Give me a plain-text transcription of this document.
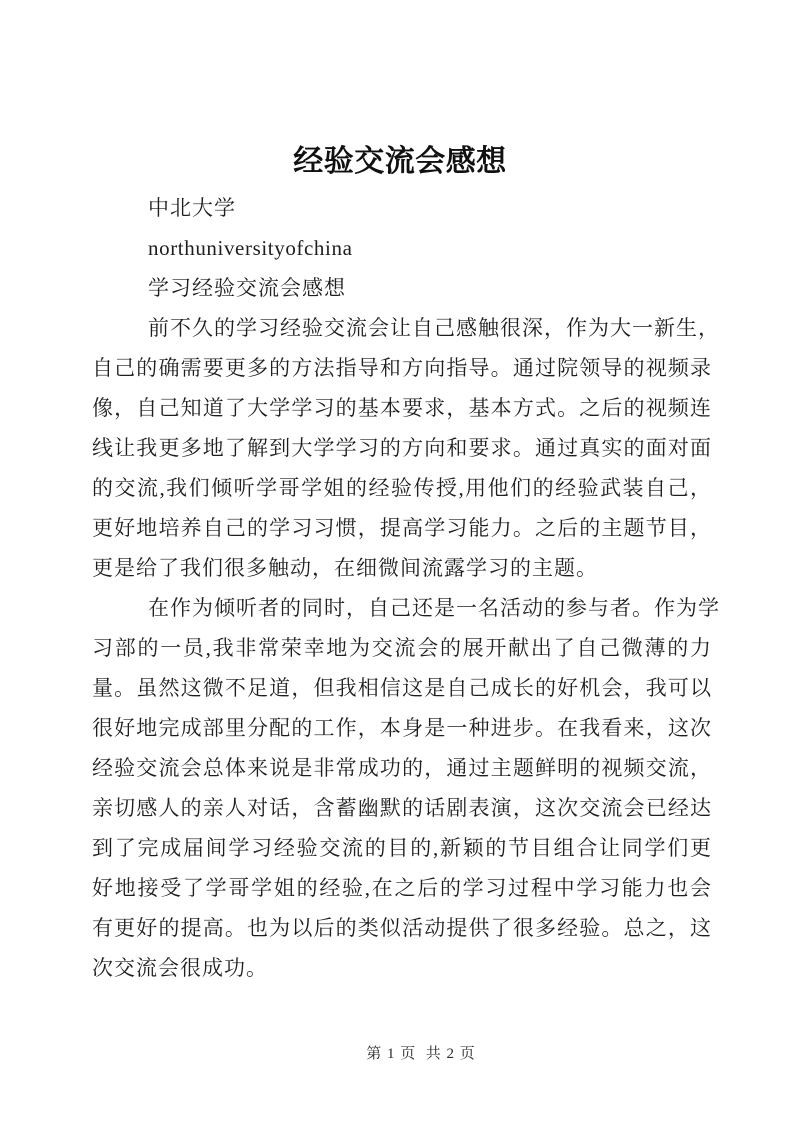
经验交流会感想
中北大学
northuniversityofchina
学习经验交流会感想
前不久的学习经验交流会让自己感触很深，作为大一新生，
自己的确需要更多的方法指导和方向指导。通过院领导的视频录
像，自己知道了大学学习的基本要求，基本方式。之后的视频连
线让我更多地了解到大学学习的方向和要求。通过真实的面对面
的交流,我们倾听学哥学姐的经验传授,用他们的经验武装自己，
更好地培养自己的学习习惯，提高学习能力。之后的主题节目，
更是给了我们很多触动，在细微间流露学习的主题。
在作为倾听者的同时，自己还是一名活动的参与者。作为学
习部的一员,我非常荣幸地为交流会的展开献出了自己微薄的力
量。虽然这微不足道，但我相信这是自己成长的好机会，我可以
很好地完成部里分配的工作，本身是一种进步。在我看来，这次
经验交流会总体来说是非常成功的，通过主题鲜明的视频交流，
亲切感人的亲人对话，含蓄幽默的话剧表演，这次交流会已经达
到了完成届间学习经验交流的目的,新颖的节目组合让同学们更
好地接受了学哥学姐的经验,在之后的学习过程中学习能力也会
有更好的提高。也为以后的类似活动提供了很多经验。总之，这
次交流会很成功。
第 1 页  共 2 页
